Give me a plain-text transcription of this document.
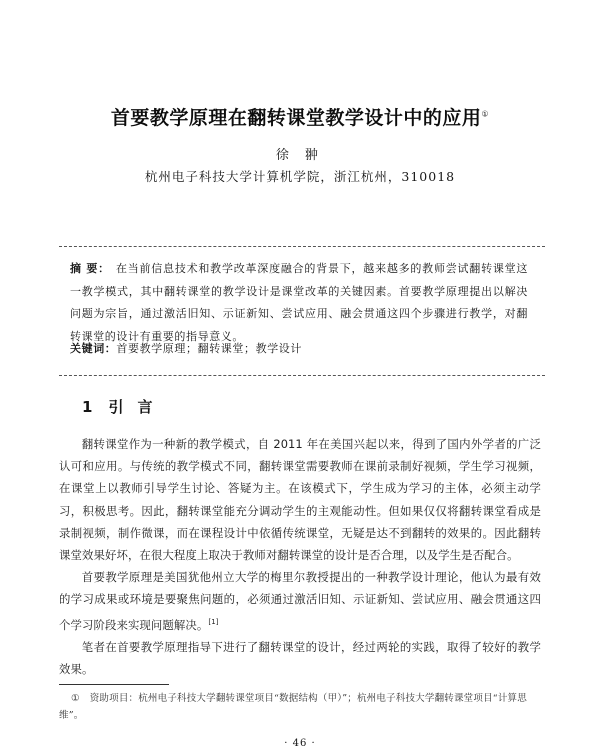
首要教学原理在翻转课堂教学设计中的应用①
徐 翀
杭州电子科技大学计算机学院，浙江杭州，310018
摘 要： 在当前信息技术和教学改革深度融合的背景下，越来越多的教师尝试翻转课堂这一教学模式，其中翻转课堂的教学设计是课堂改革的关键因素。首要教学原理提出以解决问题为宗旨，通过激活旧知、示证新知、尝试应用、融会贯通这四个步骤进行教学，对翻转课堂的设计有重要的指导意义。
关键词：首要教学原理；翻转课堂；教学设计
1 引言

翻转课堂作为一种新的教学模式，自 2011 年在美国兴起以来，得到了国内外学者的广泛认可和应用。与传统的教学模式不同，翻转课堂需要教师在课前录制好视频，学生学习视频，在课堂上以教师引导学生讨论、答疑为主。在该模式下，学生成为学习的主体，必须主动学习，积极思考。因此，翻转课堂能充分调动学生的主观能动性。但如果仅仅将翻转课堂看成是录制视频，制作微课，而在课程设计中依循传统课堂，无疑是达不到翻转的效果的。因此翻转课堂效果好坏，在很大程度上取决于教师对翻转课堂的设计是否合理，以及学生是否配合。

首要教学原理是美国犹他州立大学的梅里尔教授提出的一种教学设计理论，他认为最有效的学习成果或环境是要聚焦问题的，必须通过激活旧知、示证新知、尝试应用、融会贯通这四个学习阶段来实现问题解决。[1]

笔者在首要教学原理指导下进行了翻转课堂的设计，经过两轮的实践，取得了较好的教学效果。

① 资助项目：杭州电子科技大学翻转课堂项目“数据结构（甲）”；杭州电子科技大学翻转课堂项目“计算思维”。
· 46 ·
